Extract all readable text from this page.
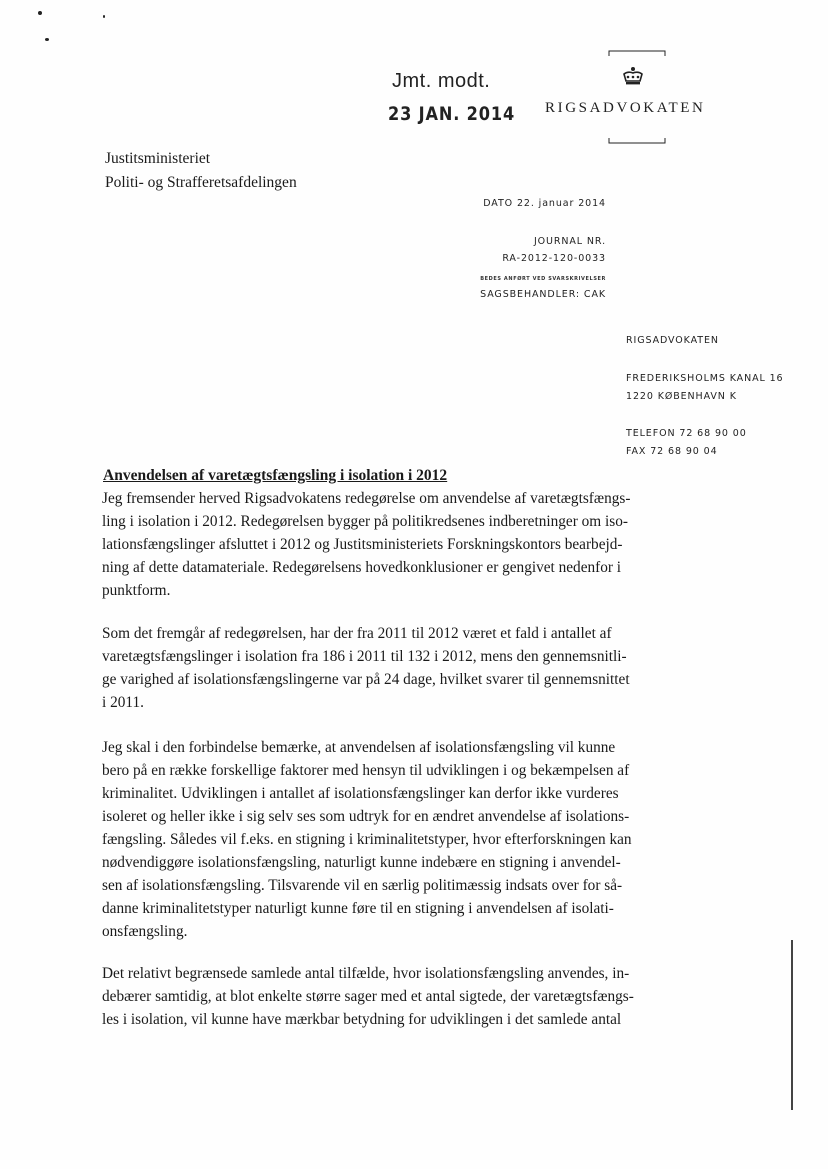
Jmt. modt.
23 JAN. 2014 RIGSADVOKATEN
Justitsministeriet
Politi- og Strafferetsafdelingen
DATO 22. januar 2014
JOURNAL NR.
RA-2012-120-0033
BEDES ANFØRT VED SVARSKRIVELSER
SAGSBEHANDLER: CAK
RIGSADVOKATEN
FREDERIKSHOLMS KANAL 16
1220 KØBENHAVN K
TELEFON 72 68 90 00
FAX 72 68 90 04
Anvendelsen af varetægtsfængsling i isolation i 2012
Jeg fremsender herved Rigsadvokatens redegørelse om anvendelse af varetægtsfængs-
ling i isolation i 2012. Redegørelsen bygger på politikredsenes indberetninger om iso-
lationsfængslinger afsluttet i 2012 og Justitsministeriets Forskningskontors bearbejd-
ning af dette datamateriale. Redegørelsens hovedkonklusioner er gengivet nedenfor i
punktform.
Som det fremgår af redegørelsen, har der fra 2011 til 2012 været et fald i antallet af
varetægtsfængslinger i isolation fra 186 i 2011 til 132 i 2012, mens den gennemsnitli-
ge varighed af isolationsfængslingerne var på 24 dage, hvilket svarer til gennemsnittet
i 2011.
Jeg skal i den forbindelse bemærke, at anvendelsen af isolationsfængsling vil kunne
bero på en række forskellige faktorer med hensyn til udviklingen i og bekæmpelsen af
kriminalitet. Udviklingen i antallet af isolationsfængslinger kan derfor ikke vurderes
isoleret og heller ikke i sig selv ses som udtryk for en ændret anvendelse af isolations-
fængsling. Således vil f.eks. en stigning i kriminalitetstyper, hvor efterforskningen kan
nødvendiggøre isolationsfængsling, naturligt kunne indebære en stigning i anvendel-
sen af isolationsfængsling. Tilsvarende vil en særlig politimæssig indsats over for så-
danne kriminalitetstyper naturligt kunne føre til en stigning i anvendelsen af isolati-
onsfængsling.
Det relativt begrænsede samlede antal tilfælde, hvor isolationsfængsling anvendes, in-
debærer samtidig, at blot enkelte større sager med et antal sigtede, der varetægtsfængs-
les i isolation, vil kunne have mærkbar betydning for udviklingen i det samlede antal
